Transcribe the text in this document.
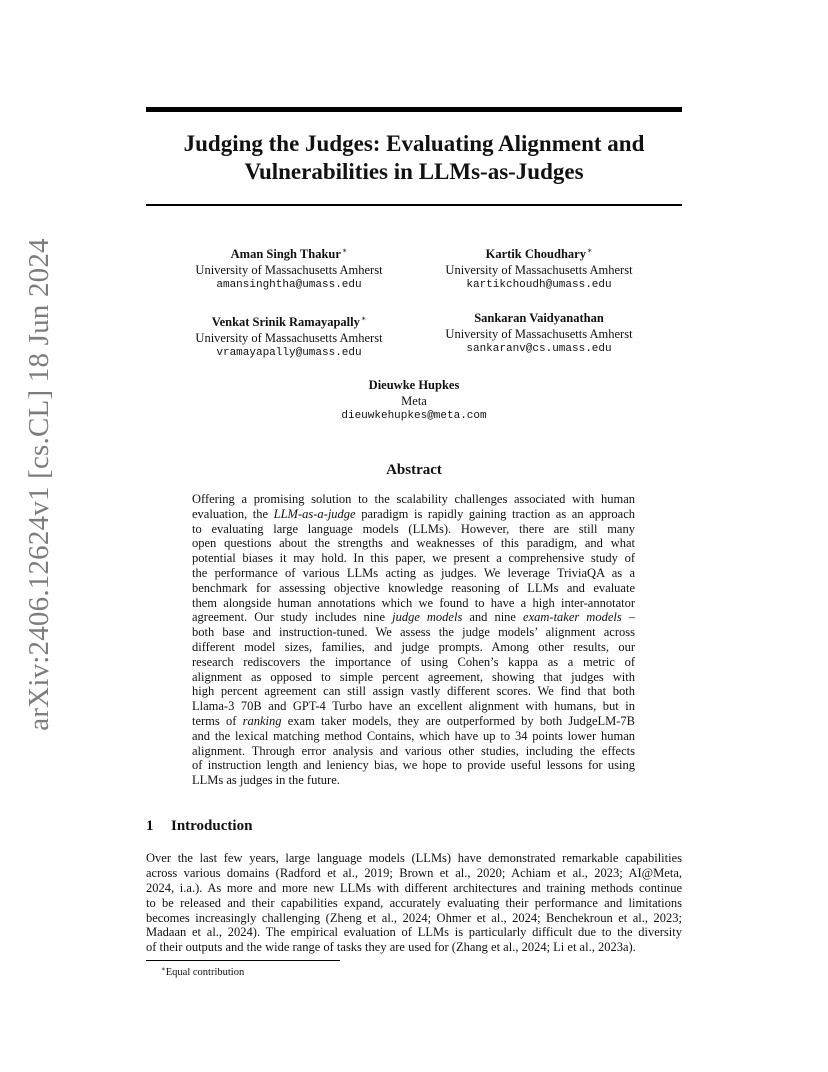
arXiv:2406.12624v1 [cs.CL] 18 Jun 2024
Judging the Judges: Evaluating Alignment and
Vulnerabilities in LLMs-as-Judges
Aman Singh Thakur∗
University of Massachusetts Amherst
amansinghtha@umass.edu
Kartik Choudhary∗
University of Massachusetts Amherst
kartikchoudh@umass.edu
Venkat Srinik Ramayapally∗
University of Massachusetts Amherst
vramayapally@umass.edu
Sankaran Vaidyanathan
University of Massachusetts Amherst
sankaranv@cs.umass.edu
Dieuwke Hupkes
Meta
dieuwkehupkes@meta.com
Abstract
Offering a promising solution to the scalability challenges associated with human
evaluation, the LLM-as-a-judge paradigm is rapidly gaining traction as an approach
to evaluating large language models (LLMs). However, there are still many
open questions about the strengths and weaknesses of this paradigm, and what
potential biases it may hold. In this paper, we present a comprehensive study of
the performance of various LLMs acting as judges. We leverage TriviaQA as a
benchmark for assessing objective knowledge reasoning of LLMs and evaluate
them alongside human annotations which we found to have a high inter-annotator
agreement. Our study includes nine judge models and nine exam-taker models –
both base and instruction-tuned. We assess the judge models’ alignment across
different model sizes, families, and judge prompts. Among other results, our
research rediscovers the importance of using Cohen’s kappa as a metric of
alignment as opposed to simple percent agreement, showing that judges with
high percent agreement can still assign vastly different scores. We find that both
Llama-3 70B and GPT-4 Turbo have an excellent alignment with humans, but in
terms of ranking exam taker models, they are outperformed by both JudgeLM-7B
and the lexical matching method Contains, which have up to 34 points lower human
alignment. Through error analysis and various other studies, including the effects
of instruction length and leniency bias, we hope to provide useful lessons for using
LLMs as judges in the future.
1 Introduction
Over the last few years, large language models (LLMs) have demonstrated remarkable capabilities
across various domains (Radford et al., 2019; Brown et al., 2020; Achiam et al., 2023; AI@Meta,
2024, i.a.). As more and more new LLMs with different architectures and training methods continue
to be released and their capabilities expand, accurately evaluating their performance and limitations
becomes increasingly challenging (Zheng et al., 2024; Ohmer et al., 2024; Benchekroun et al., 2023;
Madaan et al., 2024). The empirical evaluation of LLMs is particularly difficult due to the diversity
of their outputs and the wide range of tasks they are used for (Zhang et al., 2024; Li et al., 2023a).
∗Equal contribution
